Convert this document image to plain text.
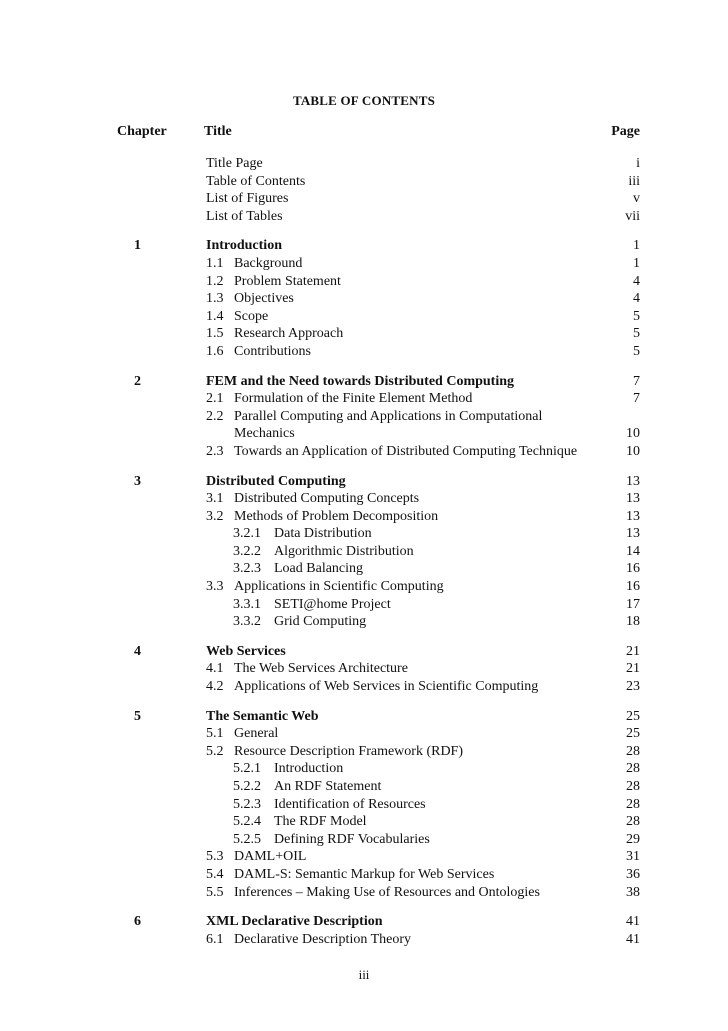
TABLE OF CONTENTS
Chapter	Title	Page
Title Page	i
Table of Contents	iii
List of Figures	v
List of Tables	vii
1	Introduction	1
1.1 Background	1
1.2 Problem Statement	4
1.3 Objectives	4
1.4 Scope	5
1.5 Research Approach	5
1.6 Contributions	5
2	FEM and the Need towards Distributed Computing	7
2.1 Formulation of the Finite Element Method	7
2.2 Parallel Computing and Applications in Computational
Mechanics	10
2.3 Towards an Application of Distributed Computing Technique	10
3	Distributed Computing	13
3.1 Distributed Computing Concepts	13
3.2 Methods of Problem Decomposition	13
3.2.1 Data Distribution	13
3.2.2 Algorithmic Distribution	14
3.2.3 Load Balancing	16
3.3 Applications in Scientific Computing	16
3.3.1 SETI@home Project	17
3.3.2 Grid Computing	18
4	Web Services	21
4.1 The Web Services Architecture	21
4.2 Applications of Web Services in Scientific Computing	23
5	The Semantic Web	25
5.1 General	25
5.2 Resource Description Framework (RDF)	28
5.2.1 Introduction	28
5.2.2 An RDF Statement	28
5.2.3 Identification of Resources	28
5.2.4 The RDF Model	28
5.2.5 Defining RDF Vocabularies	29
5.3 DAML+OIL	31
5.4 DAML-S: Semantic Markup for Web Services	36
5.5 Inferences – Making Use of Resources and Ontologies	38
6	XML Declarative Description	41
6.1 Declarative Description Theory	41
iii
